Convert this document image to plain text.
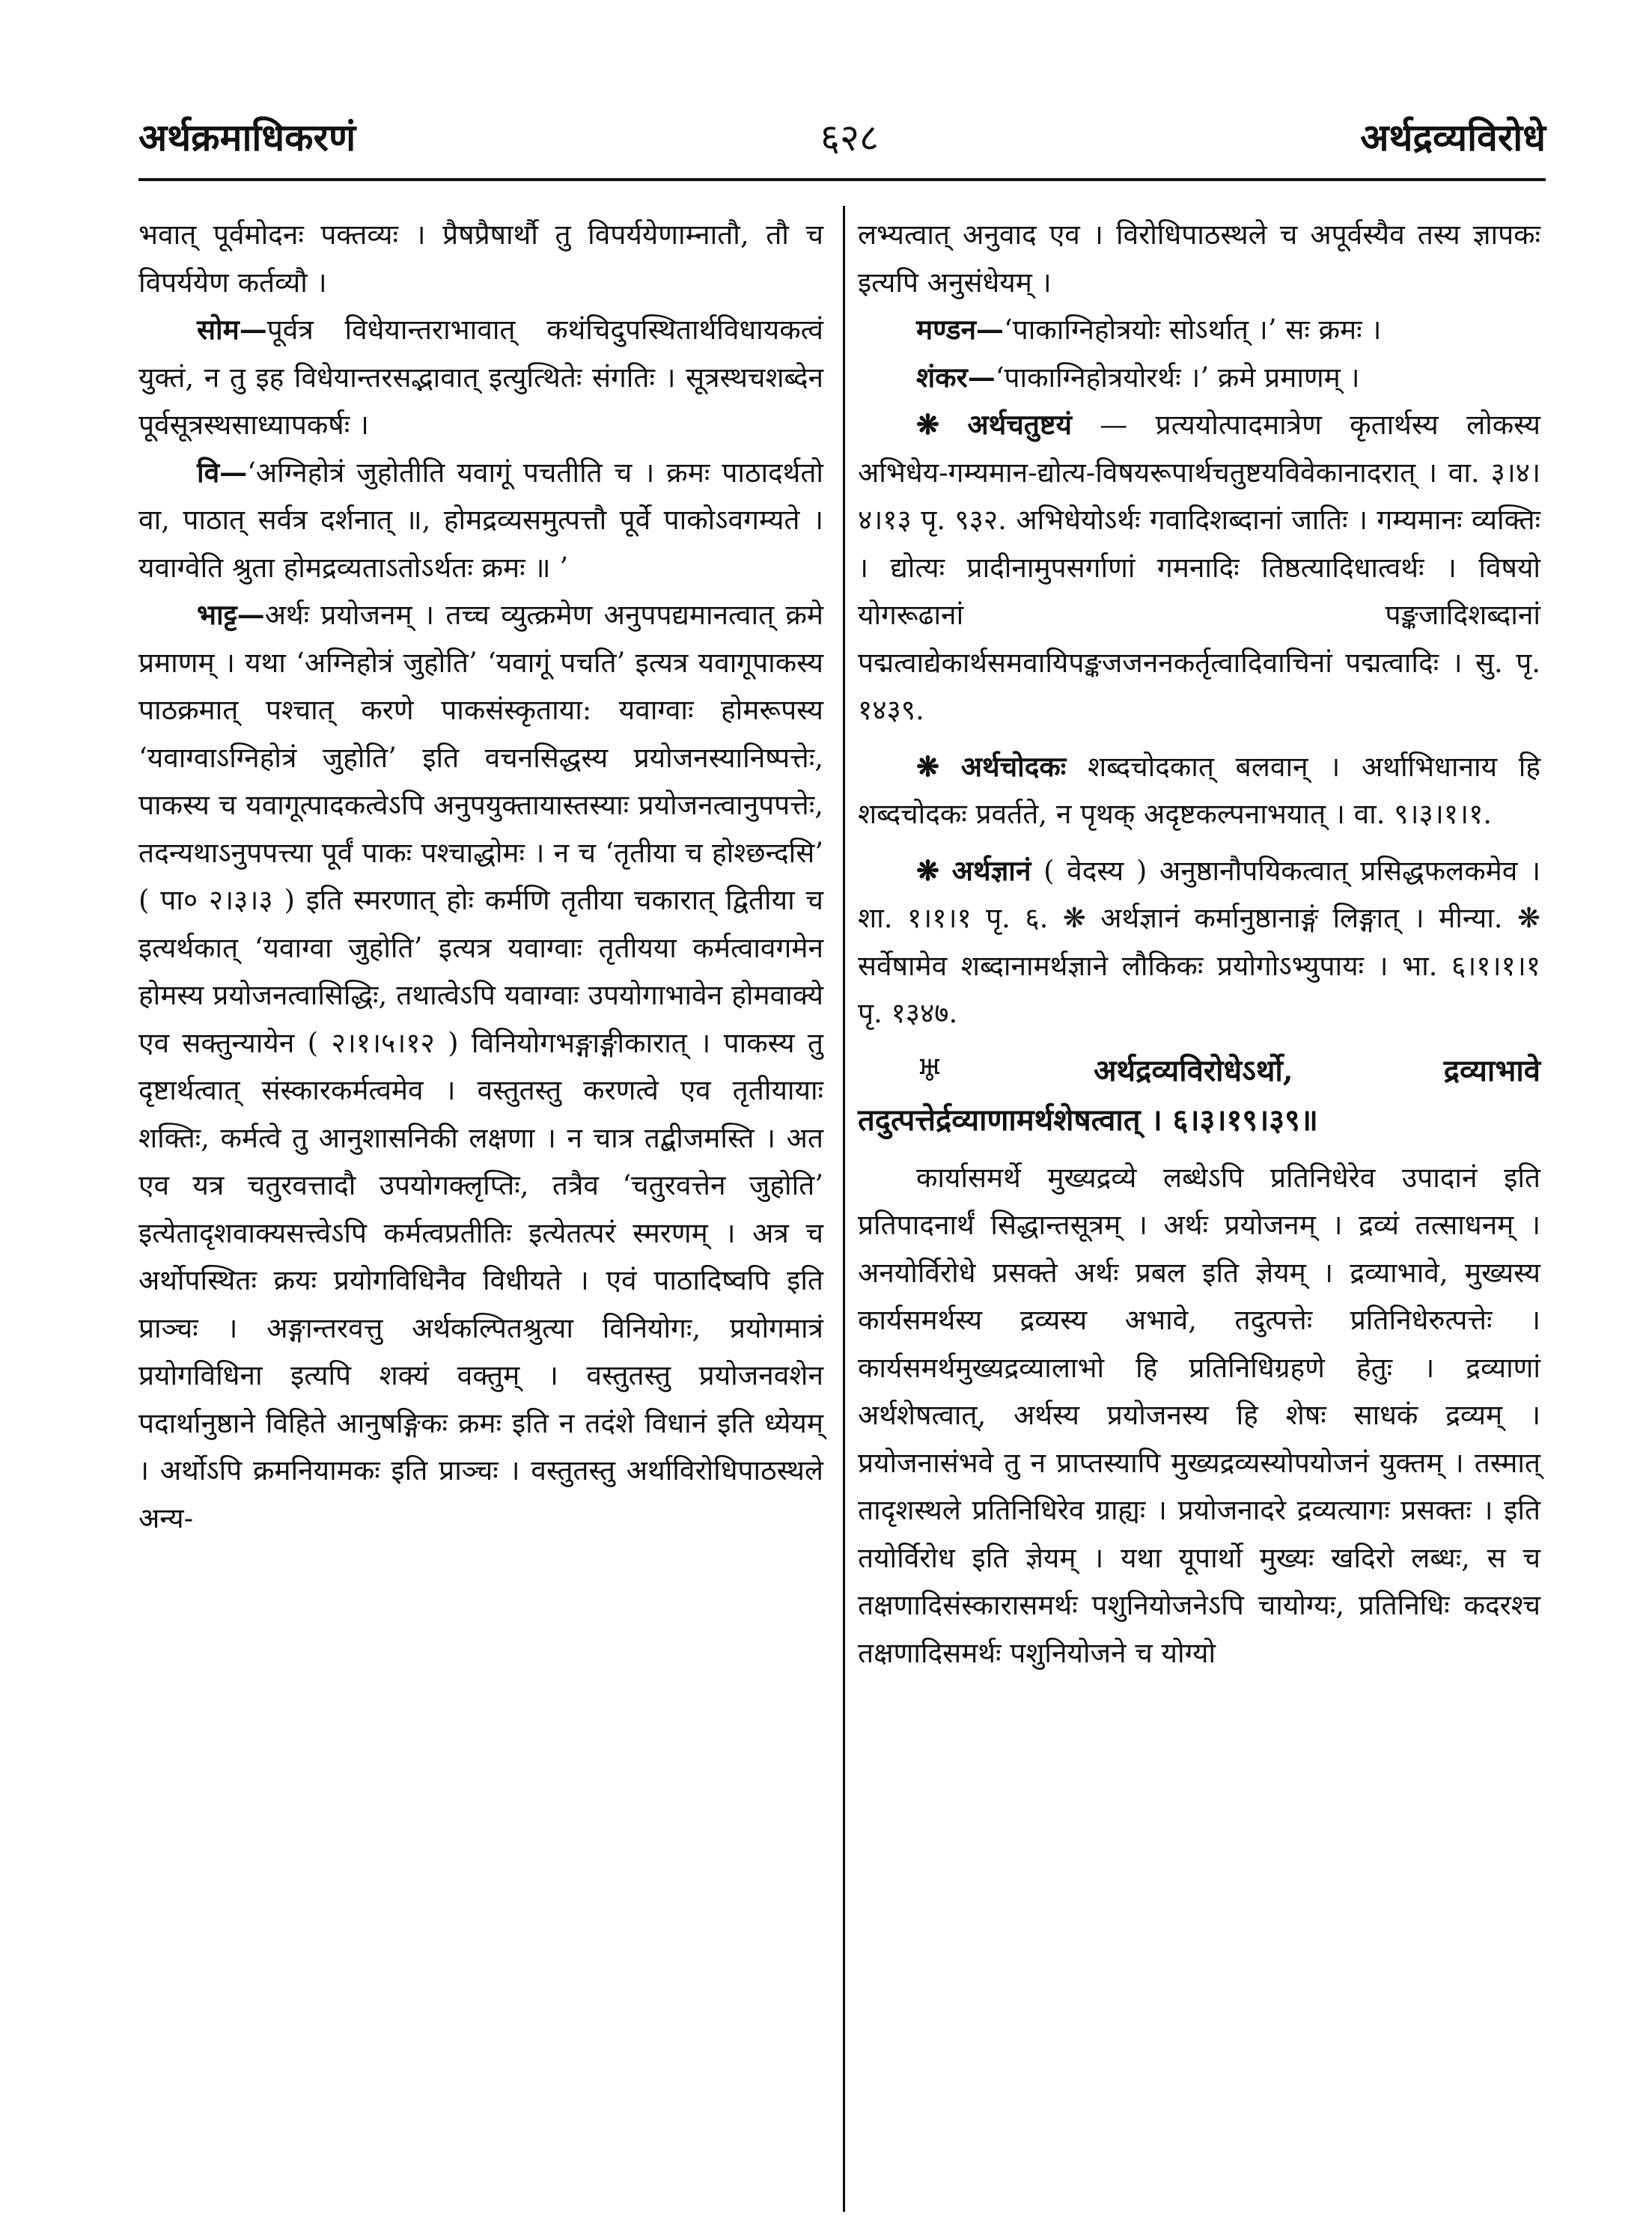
अर्थक्रमाधिकरणं	६२८	अर्थद्रव्यविरोधे

भवात् पूर्वमोदनः पक्तव्यः । प्रैषप्रैषार्थौ तु विपर्ययेणाम्नातौ, तौ च विपर्ययेण कर्तव्यौ ।

सोम—पूर्वत्र विधेयान्तराभावात् कथंचिदुपस्थितार्थविधायकत्वं युक्तं, न तु इह विधेयान्तरसद्भावात् इत्युत्थितेः संगतिः । सूत्रस्थचशब्देन पूर्वसूत्रस्थसाध्यापकर्षः ।

वि—‘अग्निहोत्रं जुहोतीति यवागूं पचतीति च । क्रमः पाठादर्थतो वा, पाठात् सर्वत्र दर्शनात् ॥, होमद्रव्यसमुत्पत्तौ पूर्वे पाकोऽवगम्यते । यवाग्वेति श्रुता होमद्रव्यताऽतोऽर्थतः क्रमः ॥ ’

भाट्ट—अर्थः प्रयोजनम् । तच्च व्युत्क्रमेण अनुपपद्यमानत्वात् क्रमे प्रमाणम् । यथा ‘अग्निहोत्रं जुहोति’ ‘यवागूं पचति’ इत्यत्र यवागूपाकस्य पाठक्रमात् पश्चात् करणे पाकसंस्कृताया: यवाग्वाः होमरूपस्य ‘यवाग्वाऽग्निहोत्रं जुहोति’ इति वचनसिद्धस्य प्रयोजनस्यानिष्पत्तेः, पाकस्य च यवागूत्पादकत्वेऽपि अनुपयुक्तायास्तस्याः प्रयोजनत्वानुपपत्तेः, तदन्यथाऽनुपपत्त्या पूर्वं पाकः पश्चाद्धोमः । न च ‘तृतीया च होश्छन्दसि’ ( पा० २।३।३ ) इति स्मरणात् होः कर्मणि तृतीया चकारात् द्वितीया च इत्यर्थकात् ‘यवाग्वा जुहोति’ इत्यत्र यवाग्वाः तृतीयया कर्मत्वावगमेन होमस्य प्रयोजनत्वासिद्धिः, तथात्वेऽपि यवाग्वाः उपयोगाभावेन होमवाक्ये एव सक्तुन्यायेन ( २।१।५।१२ ) विनियोगभङ्गाङ्गीकारात् । पाकस्य तु दृष्टार्थत्वात् संस्कारकर्मत्वमेव । वस्तुतस्तु करणत्वे एव तृतीयायाः शक्तिः, कर्मत्वे तु आनुशासनिकी लक्षणा । न चात्र तद्बीजमस्ति । अत एव यत्र चतुरवत्तादौ उपयोगक्लृप्तिः, तत्रैव ‘चतुरवत्तेन जुहोति’ इत्येतादृशवाक्यसत्त्वेऽपि कर्मत्वप्रतीतिः इत्येतत्परं स्मरणम् । अत्र च अर्थोपस्थितः क्रयः प्रयोगविधिनैव विधीयते । एवं पाठादिष्वपि इति प्राञ्चः । अङ्गान्तरवत्तु अर्थकल्पितश्रुत्या विनियोगः, प्रयोगमात्रं प्रयोगविधिना इत्यपि शक्यं वक्तुम् । वस्तुतस्तु प्रयोजनवशेन पदार्थानुष्ठाने विहिते आनुषङ्गिकः क्रमः इति न तदंशे विधानं इति ध्येयम् । अर्थोऽपि क्रमनियामकः इति प्राञ्चः । वस्तुतस्तु अर्थाविरोधिपाठस्थले अन्य-

लभ्यत्वात् अनुवाद एव । विरोधिपाठस्थले च अपूर्वस्यैव तस्य ज्ञापकः इत्यपि अनुसंधेयम् ।

मण्डन—‘पाकाग्निहोत्रयोः सोऽर्थात् ।’ सः क्रमः ।

शंकर—‘पाकाग्निहोत्रयोरर्थः ।’ क्रमे प्रमाणम् ।

❋ अर्थचतुष्टयं — प्रत्ययोत्पादमात्रेण कृतार्थस्य लोकस्य अभिधेय-गम्यमान-द्योत्य-विषयरूपार्थचतुष्टयविवेकानादरात् । वा. ३।४।४।१३ पृ. ९३२. अभिधेयोऽर्थः गवादिशब्दानां जातिः । गम्यमानः व्यक्तिः । द्योत्यः प्रादीनामुपसर्गाणां गमनादिः तिष्ठत्यादिधात्वर्थः । विषयो योगरूढानां पङ्कजादिशब्दानां पद्मत्वाद्येकार्थसमवायिपङ्कजजननकर्तृत्वादिवाचिनां पद्मत्वादिः । सु. पृ. १४३९.

❋ अर्थचोदकः शब्दचोदकात् बलवान् । अर्थाभिधानाय हि शब्दचोदकः प्रवर्तते, न पृथक् अदृष्टकल्पनाभयात् । वा. ९।३।१।१.

❋ अर्थज्ञानं ( वेदस्य ) अनुष्ठानौपयिकत्वात् प्रसिद्धफलकमेव । शा. १।१।१ पृ. ६. ❋ अर्थज्ञानं कर्मानुष्ठानाङ्गं लिङ्गात् । मीन्या. ❋ सर्वेषामेव शब्दानामर्थज्ञाने लौकिकः प्रयोगोऽभ्युपायः । भा. ६।१।१।१ पृ. १३४७.

♅	अर्थद्रव्यविरोधेऽर्थो, द्रव्याभावे तदुत्पत्तेर्द्रव्याणामर्थशेषत्वात् । ६।३।१९।३९॥

कार्यासमर्थे मुख्यद्रव्ये लब्धेऽपि प्रतिनिधेरेव उपादानं इति प्रतिपादनार्थं सिद्धान्तसूत्रम् । अर्थः प्रयोजनम् । द्रव्यं तत्साधनम् । अनयोर्विरोधे प्रसक्ते अर्थः प्रबल इति ज्ञेयम् । द्रव्याभावे, मुख्यस्य कार्यसमर्थस्य द्रव्यस्य अभावे, तदुत्पत्तेः प्रतिनिधेरुत्पत्तेः । कार्यसमर्थमुख्यद्रव्यालाभो हि प्रतिनिधिग्रहणे हेतुः । द्रव्याणां अर्थशेषत्वात्, अर्थस्य प्रयोजनस्य हि शेषः साधकं द्रव्यम् । प्रयोजनासंभवे तु न प्राप्तस्यापि मुख्यद्रव्यस्योपयोजनं युक्तम् । तस्मात् तादृशस्थले प्रतिनिधिरेव ग्राह्यः । प्रयोजनादरे द्रव्यत्यागः प्रसक्तः । इति तयोर्विरोध इति ज्ञेयम् । यथा यूपार्थो मुख्यः खदिरो लब्धः, स च तक्षणादिसंस्कारासमर्थः पशुनियोजनेऽपि चायोग्यः, प्रतिनिधिः कदरश्च तक्षणादिसमर्थः पशुनियोजने च योग्यो
